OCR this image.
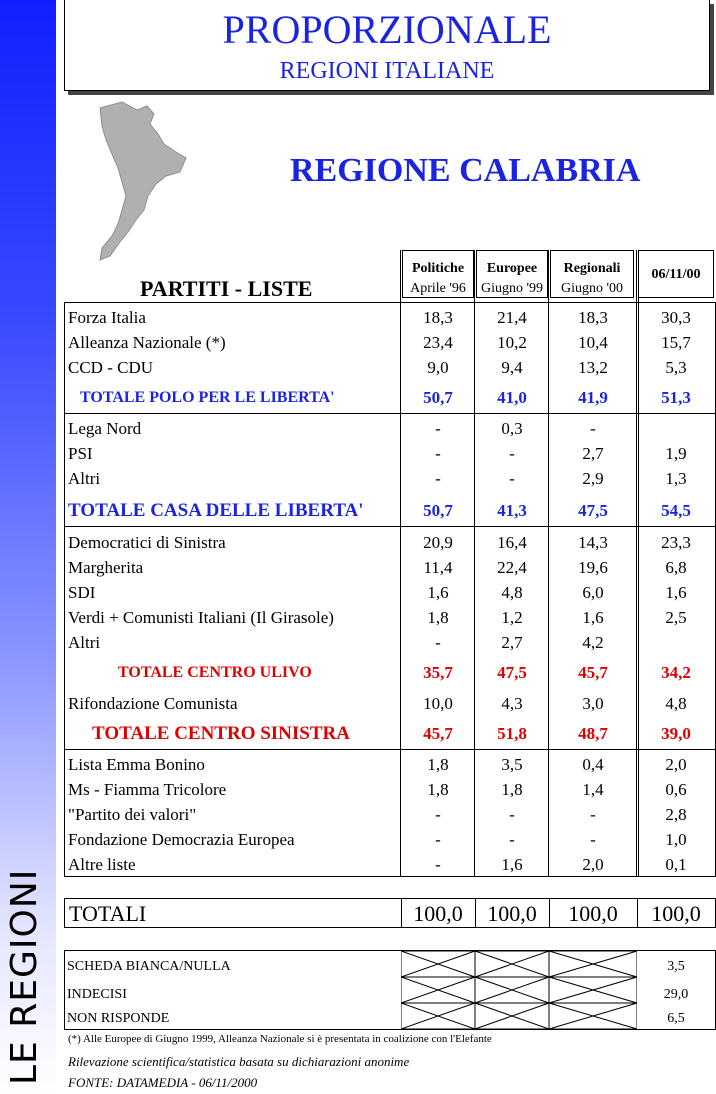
LE REGIONI
PROPORZIONALE
REGIONI ITALIANE
REGIONE CALABRIA
Politiche
Aprile '96
Europee
Giugno '99
Regionali
Giugno '00
06/11/00
PARTITI - LISTE
Forza Italia	18,3	21,4	18,3	30,3
Alleanza Nazionale (*)	23,4	10,2	10,4	15,7
CCD - CDU	9,0	9,4	13,2	5,3
TOTALE POLO PER LE LIBERTA'	50,7	41,0	41,9	51,3
Lega Nord	-	0,3	-
PSI	-	-	2,7	1,9
Altri	-	-	2,9	1,3
TOTALE CASA DELLE LIBERTA'	50,7	41,3	47,5	54,5
Democratici di Sinistra	20,9	16,4	14,3	23,3
Margherita	11,4	22,4	19,6	6,8
SDI	1,6	4,8	6,0	1,6
Verdi + Comunisti Italiani (Il Girasole)	1,8	1,2	1,6	2,5
Altri	-	2,7	4,2
TOTALE CENTRO ULIVO	35,7	47,5	45,7	34,2
Rifondazione Comunista	10,0	4,3	3,0	4,8
TOTALE CENTRO SINISTRA	45,7	51,8	48,7	39,0
Lista Emma Bonino	1,8	3,5	0,4	2,0
Ms - Fiamma Tricolore	1,8	1,8	1,4	0,6
"Partito dei valori"	-	-	-	2,8
Fondazione Democrazia Europea	-	-	-	1,0
Altre liste	-	1,6	2,0	0,1
TOTALI	100,0	100,0	100,0	100,0
SCHEDA BIANCA/NULLA	3,5
INDECISI	29,0
NON RISPONDE	6,5
(*) Alle Europee di Giugno 1999, Alleanza Nazionale si è presentata in coalizione con l'Elefante
Rilevazione scientifica/statistica basata su dichiarazioni anonime
FONTE: DATAMEDIA - 06/11/2000
